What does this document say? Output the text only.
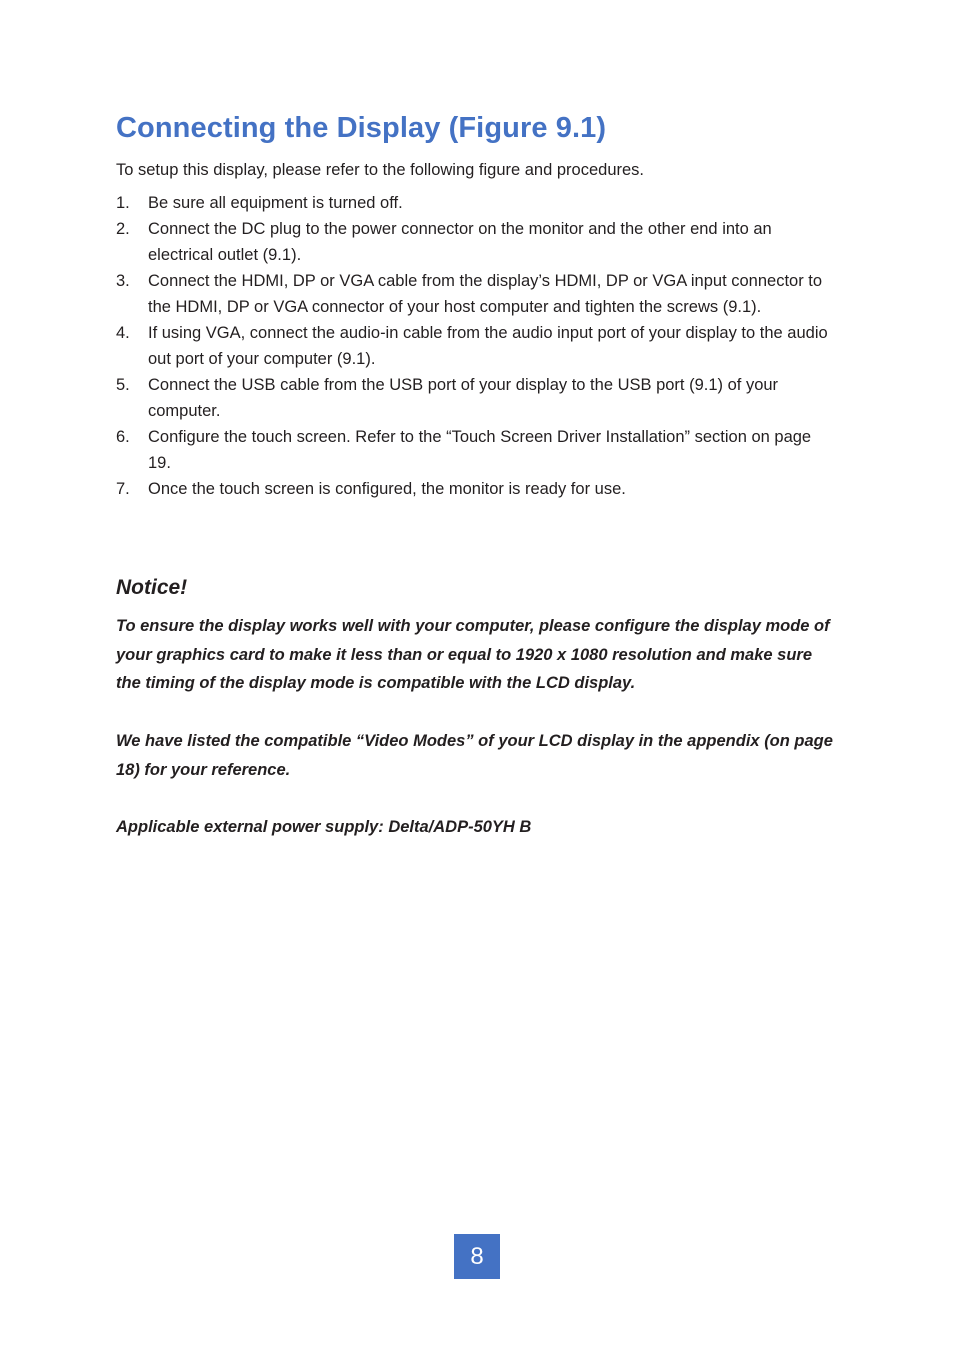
Connecting the Display (Figure 9.1)

To setup this display, please refer to the following figure and procedures.

1. Be sure all equipment is turned off.
2. Connect the DC plug to the power connector on the monitor and the other end into an electrical outlet (9.1).
3. Connect the HDMI, DP or VGA cable from the display’s HDMI, DP or VGA input connector to the HDMI, DP or VGA connector of your host computer and tighten the screws (9.1).
4. If using VGA, connect the audio-in cable from the audio input port of your display to the audio out port of your computer (9.1).
5. Connect the USB cable from the USB port of your display to the USB port (9.1) of your computer.
6. Configure the touch screen. Refer to the “Touch Screen Driver Installation” section on page 19.
7. Once the touch screen is configured, the monitor is ready for use.

Notice!

To ensure the display works well with your computer, please configure the display mode of your graphics card to make it less than or equal to 1920 x 1080 resolution and make sure the timing of the display mode is compatible with the LCD display.

We have listed the compatible “Video Modes” of your LCD display in the appendix (on page 18) for your reference.

Applicable external power supply: Delta/ADP-50YH B

8
